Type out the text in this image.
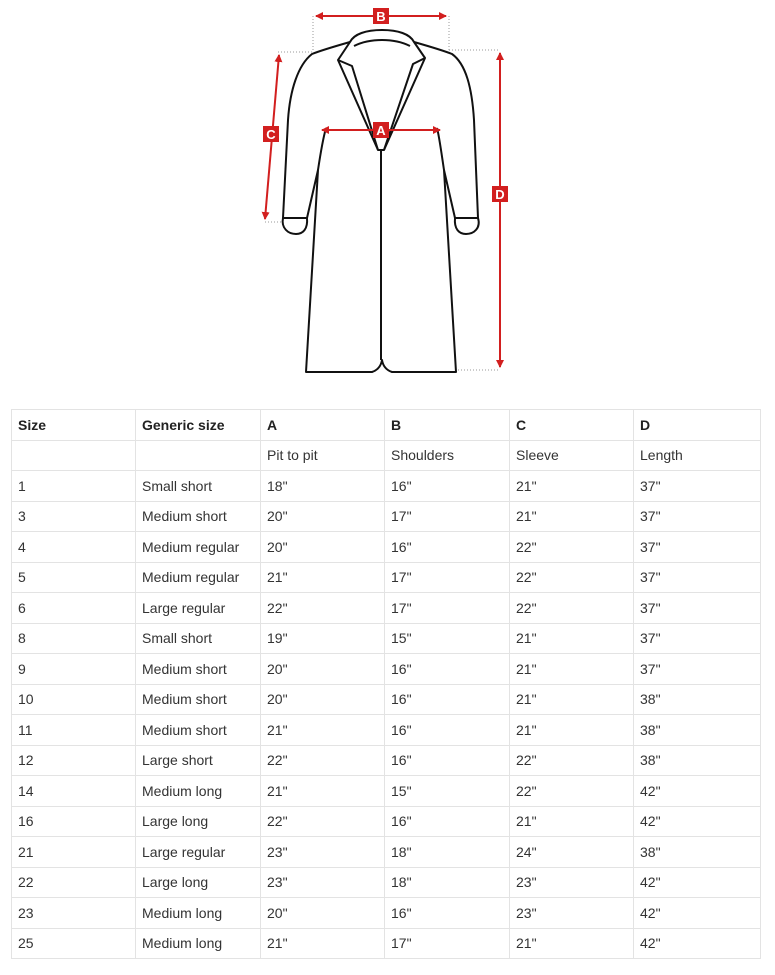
B
A
C
D
Size	Generic size	A	B	C	D
		Pit to pit	Shoulders	Sleeve	Length
1	Small short	18"	16"	21"	37"
3	Medium short	20"	17"	21"	37"
4	Medium regular	20"	16"	22"	37"
5	Medium regular	21"	17"	22"	37"
6	Large regular	22"	17"	22"	37"
8	Small short	19"	15"	21"	37"
9	Medium short	20"	16"	21"	37"
10	Medium short	20"	16"	21"	38"
11	Medium short	21"	16"	21"	38"
12	Large short	22"	16"	22"	38"
14	Medium long	21"	15"	22"	42"
16	Large long	22"	16"	21"	42"
21	Large regular	23"	18"	24"	38"
22	Large long	23"	18"	23"	42"
23	Medium long	20"	16"	23"	42"
25	Medium long	21"	17"	21"	42"
